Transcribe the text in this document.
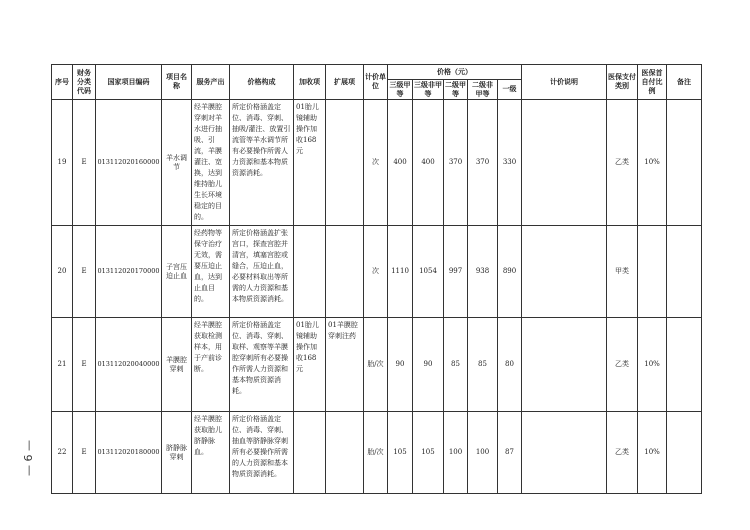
— 6 —
序号	财务分类代码	国家项目编码	项目名称	服务产出	价格构成	加收项	扩展项	计价单位	价格（元）					计价说明	医保支付类别	医保首自付比例	备注
									三级甲等	三级非甲等	二级甲等	二级非甲等	一级				
19	E	013112020160000	羊水调节	经羊膜腔穿刺对羊水进行抽吸、引流，羊膜灌注、宽换，达到维持胎儿生长环境稳定的目的。	所定价格涵盖定位、消毒、穿刺、抽吸/灌注、放置引流管等羊水调节所有必要操作所需人力资源和基本物质资源消耗。	01胎儿镜辅助操作加收168元		次	400	400	370	370	330		乙类	10%	
20	E	013112020170000	子宫压迫止血	经药物等保守治疗无效，需要压迫止血，达到止血目的。	所定价格涵盖扩张宫口，探查宫腔并清宫，填塞宫腔或缝合，压迫止血，必要材料取出等所需的人力资源和基本物质资源消耗。			次	1110	1054	997	938	890		甲类		
21	E	013112020040000	羊膜腔穿刺	经羊膜腔获取检测样本，用于产前诊断。	所定价格涵盖定位、消毒、穿刺、取样、观察等羊膜腔穿刺所有必要操作所需人力资源和基本物质资源消耗。	01胎儿镜辅助操作加收168元	01羊膜腔穿刺注药	胎/次	90	90	85	85	80		乙类	10%	
22	E	013112020180000	脐静脉穿刺	经羊膜腔获取胎儿脐静脉血。	所定价格涵盖定位、消毒、穿刺、抽血等脐静脉穿刺所有必要操作所需的人力资源和基本物质资源消耗。			胎/次	105	105	100	100	87		乙类	10%	
